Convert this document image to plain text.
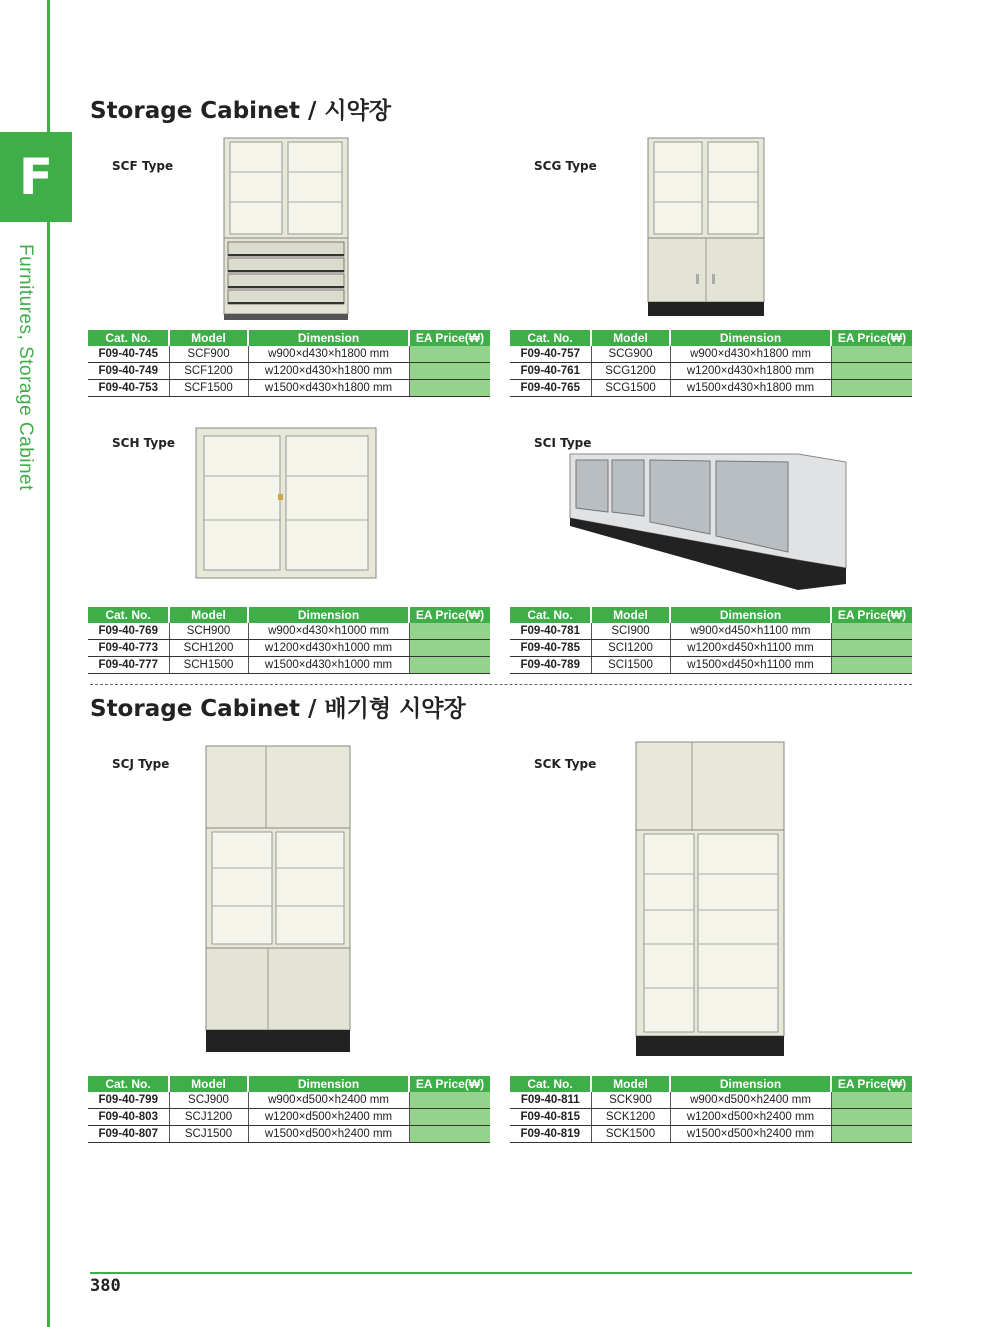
F
Furnitures, Storage Cabinet
Storage Cabinet / 시약장
Storage Cabinet / 배기형 시약장
SCF Type	SCG Type
SCH Type	SCI Type
SCJ Type	SCK Type
Cat. No.	Model	Dimension	EA Price(₩)
F09-40-745	SCF900	w900×d430×h1800 mm	
F09-40-749	SCF1200	w1200×d430×h1800 mm	
F09-40-753	SCF1500	w1500×d430×h1800 mm	
Cat. No.	Model	Dimension	EA Price(₩)
F09-40-757	SCG900	w900×d430×h1800 mm	
F09-40-761	SCG1200	w1200×d430×h1800 mm	
F09-40-765	SCG1500	w1500×d430×h1800 mm	
Cat. No.	Model	Dimension	EA Price(₩)
F09-40-769	SCH900	w900×d430×h1000 mm	
F09-40-773	SCH1200	w1200×d430×h1000 mm	
F09-40-777	SCH1500	w1500×d430×h1000 mm	
Cat. No.	Model	Dimension	EA Price(₩)
F09-40-781	SCI900	w900×d450×h1100 mm	
F09-40-785	SCI1200	w1200×d450×h1100 mm	
F09-40-789	SCI1500	w1500×d450×h1100 mm	
Cat. No.	Model	Dimension	EA Price(₩)
F09-40-799	SCJ900	w900×d500×h2400 mm	
F09-40-803	SCJ1200	w1200×d500×h2400 mm	
F09-40-807	SCJ1500	w1500×d500×h2400 mm	
Cat. No.	Model	Dimension	EA Price(₩)
F09-40-811	SCK900	w900×d500×h2400 mm	
F09-40-815	SCK1200	w1200×d500×h2400 mm	
F09-40-819	SCK1500	w1500×d500×h2400 mm	
380
